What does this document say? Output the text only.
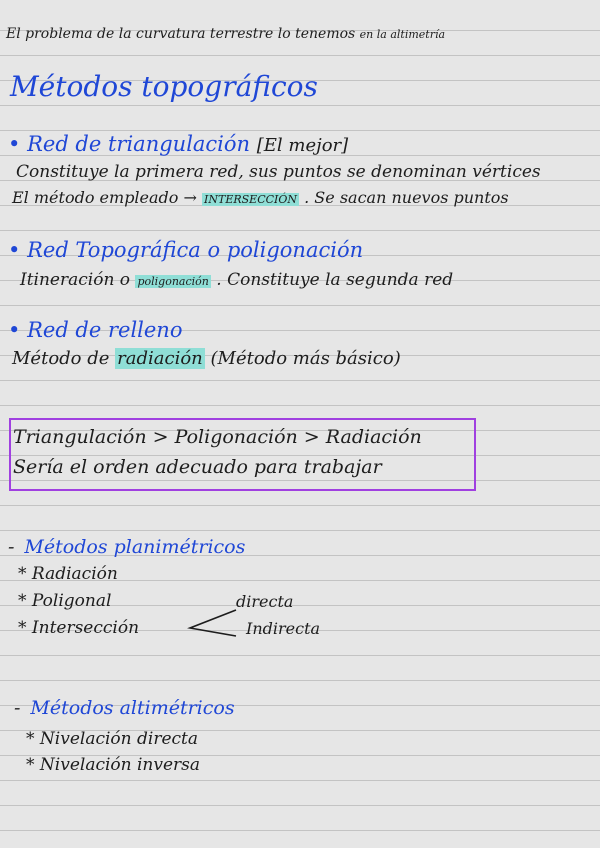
El problema de la curvatura terrestre lo tenemos en la altimetría
Métodos topográficos
• Red de triangulación [El mejor]
Constituye la primera red, sus puntos se denominan vértices
El método empleado → INTERSECCIÓN . Se sacan nuevos puntos
• Red Topográfica o poligonación
Itineración o poligonación . Constituye la segunda red
• Red de relleno
Método de radiación (Método más básico)
Triangulación > Poligonación > Radiación
Sería el orden adecuado para trabajar
- Métodos planimétricos
* Radiación
* Poligonal
* Intersección
directa
Indirecta
- Métodos altimétricos
* Nivelación directa
* Nivelación inversa
